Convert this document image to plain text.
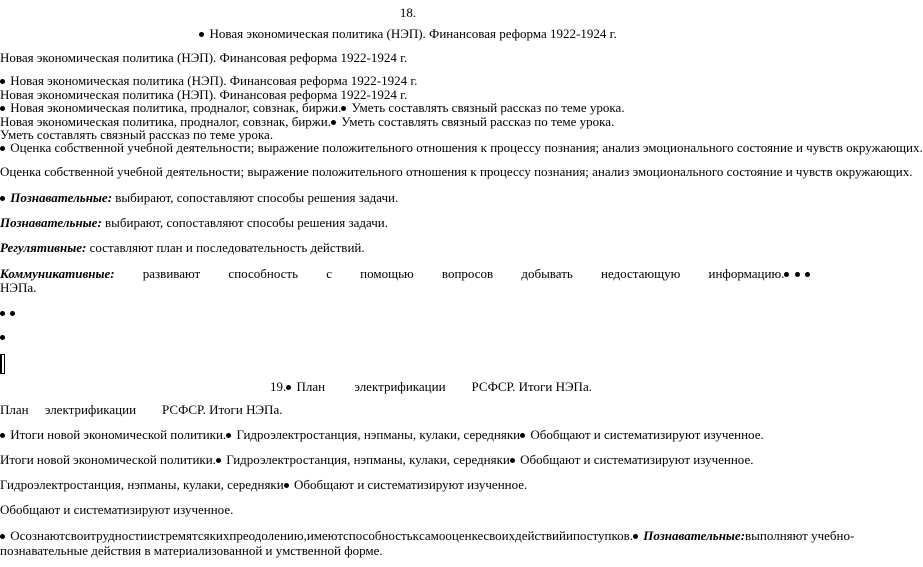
18.
Новая экономическая политика (НЭП). Финансовая реформа 1922-1924 г.
Новая экономическая политика (НЭП). Финансовая реформа 1922-1924 г.
Новая экономическая политика (НЭП). Финансовая реформа 1922-1924 г.
Новая экономическая политика (НЭП). Финансовая реформа 1922-1924 г.
Новая экономическая политика, продналог, совзнак, биржи. Уметь составлять связный рассказ по теме урока.
Новая экономическая политика, продналог, совзнак, биржи. Уметь составлять связный рассказ по теме урока.
Уметь составлять связный рассказ по теме урока.
Оценка собственной учебной деятельности; выражение положительного отношения к процессу познания; анализ эмоционального состояние и чувств окружающих.
Оценка собственной учебной деятельности; выражение положительного отношения к процессу познания; анализ эмоционального состояние и чувств окружающих.
Познавательные: выбирают, сопоставляют способы решения задачи.
Познавательные: выбирают, сопоставляют способы решения задачи.
Регулятивные: составляют план и последовательность действий.
Коммуникативные: развивают способность с помощью вопросов добывать недостающую информацию.
НЭПа.

19. План         электрификации        РСФСР. Итоги НЭПа.
План     электрификации        РСФСР. Итоги НЭПа.
Итоги новой экономической политики. Гидроэлектростанция, нэпманы, кулаки, середняки Обобщают и систематизируют изученное.
Итоги новой экономической политики. Гидроэлектростанция, нэпманы, кулаки, середняки Обобщают и систематизируют изученное.
Гидроэлектростанция, нэпманы, кулаки, середняки Обобщают и систематизируют изученное.
Обобщают и систематизируют изученное.
Осознают свои трудности и стремятся к их преодолению, имеют способность к самооценке своих действий и поступков. Познавательные: выполняют учебно-
познавательные действия в материализованной и умственной форме.
